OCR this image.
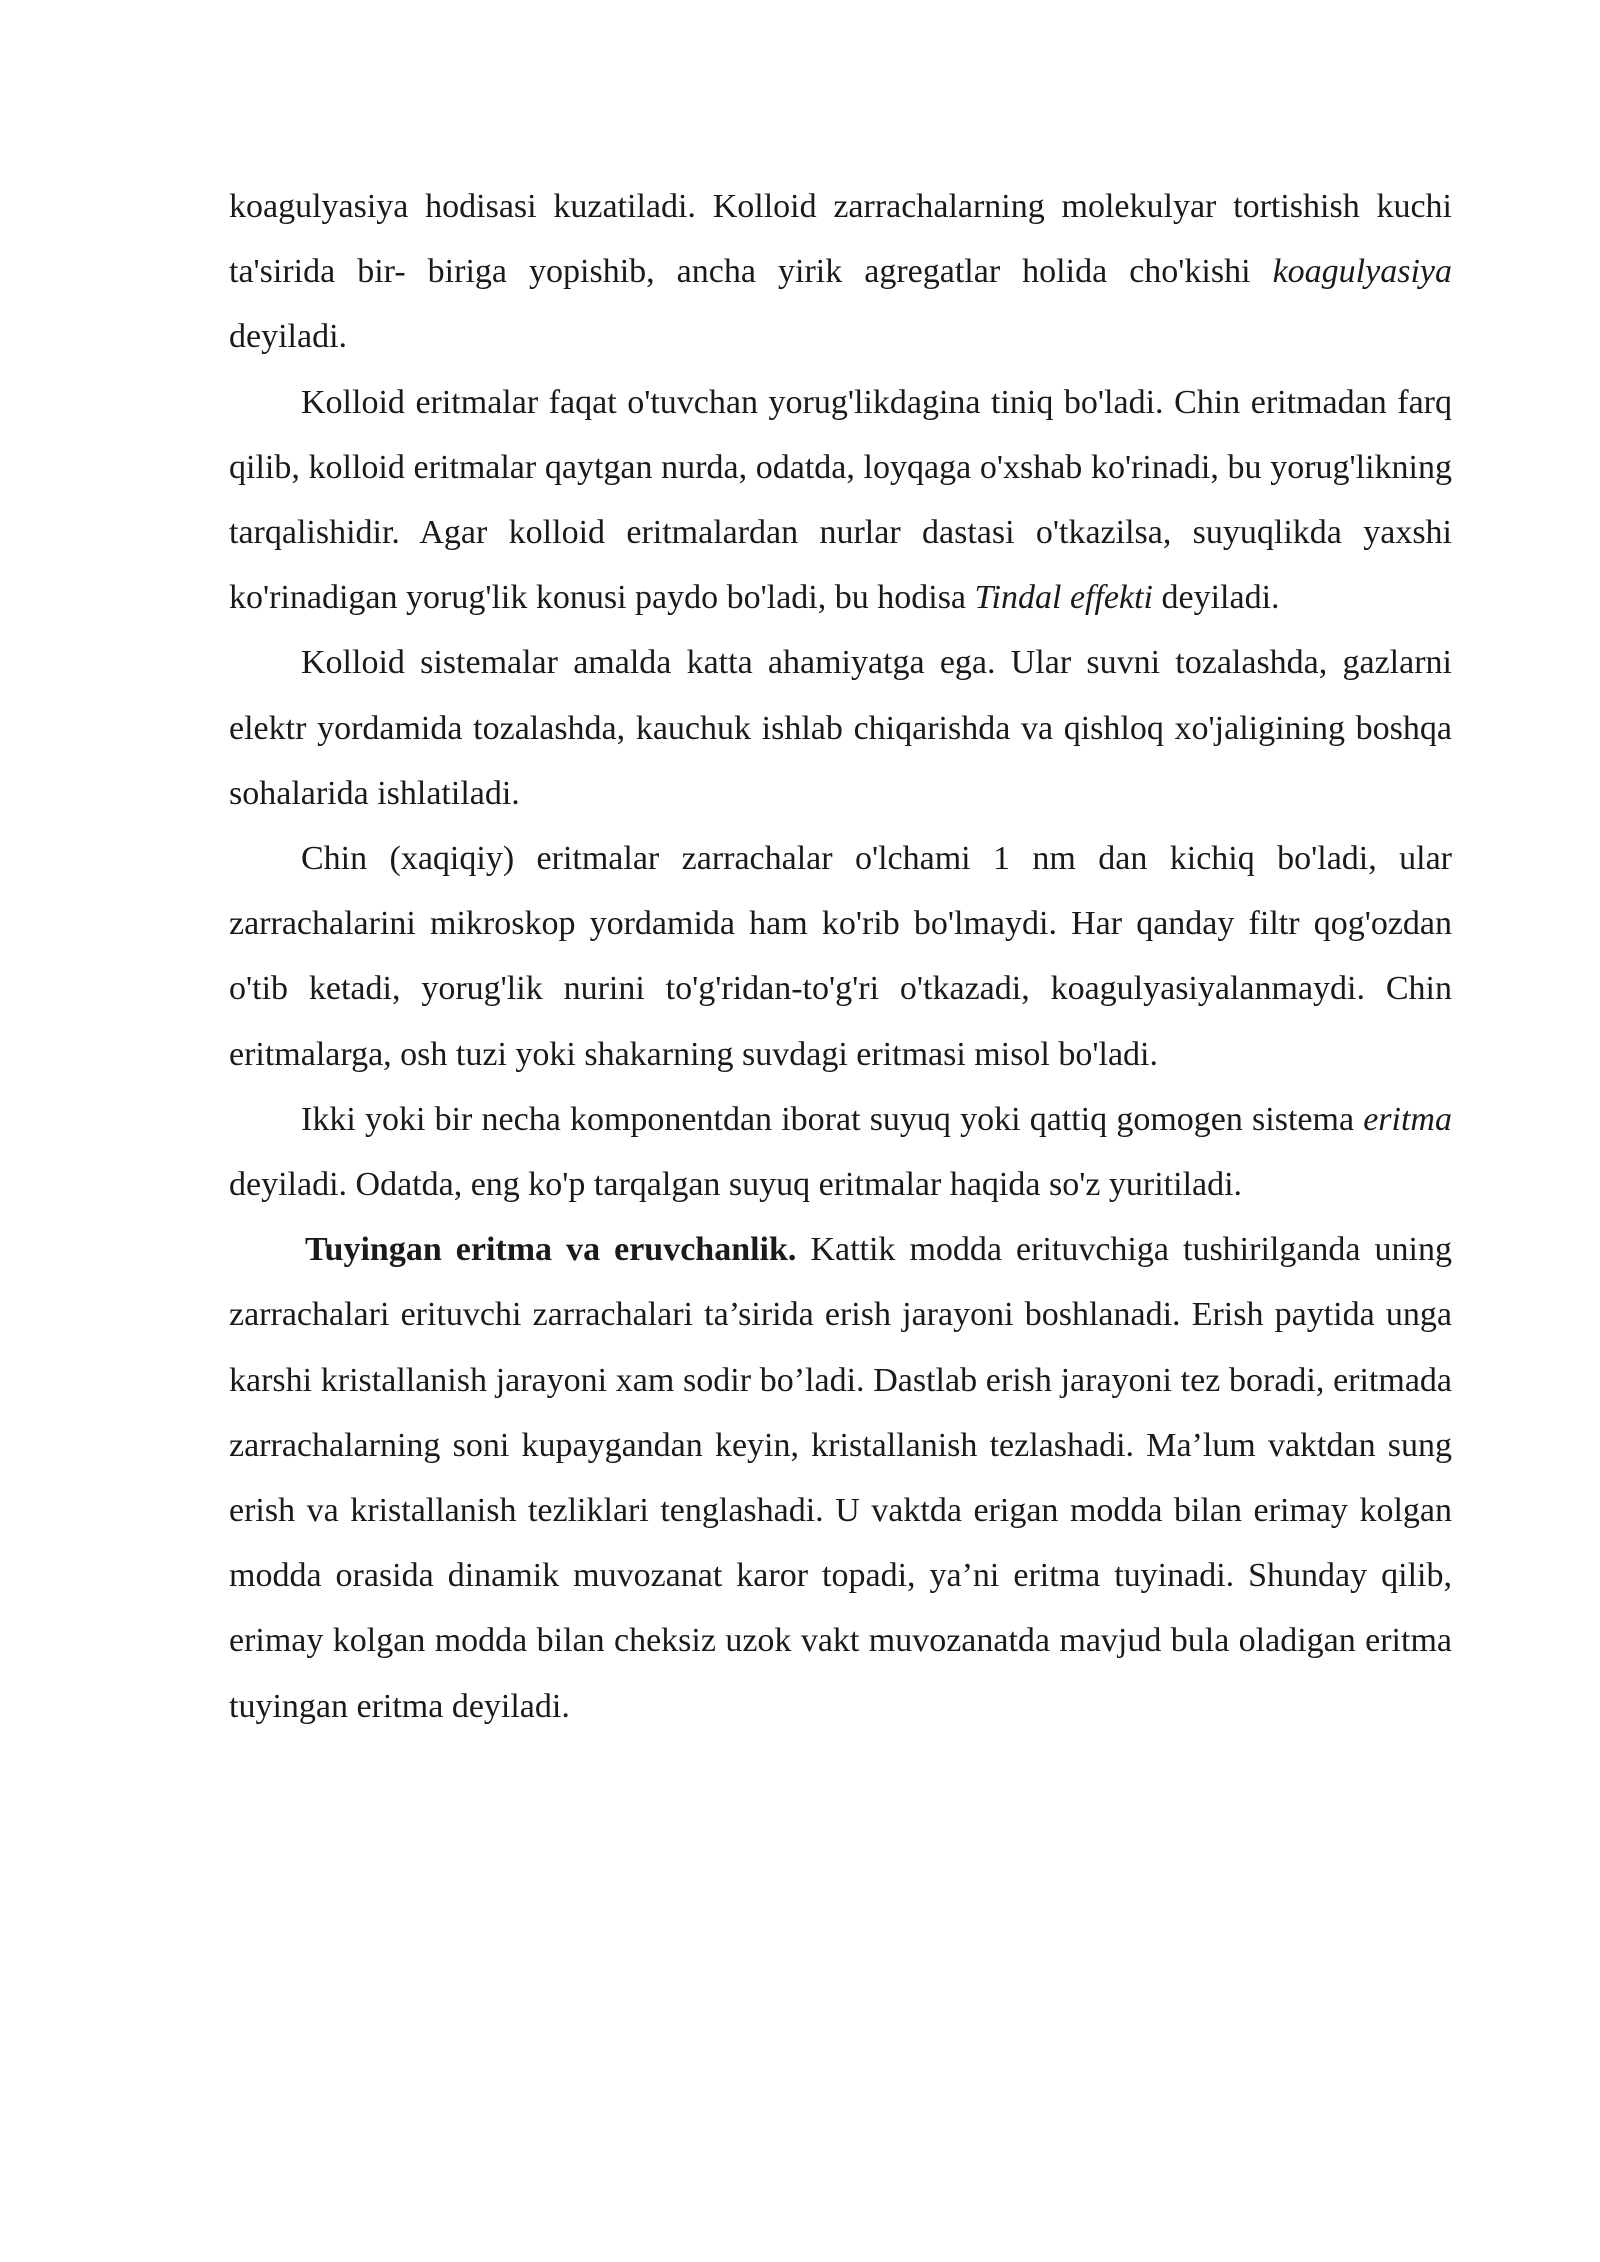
koagulyasiya hodisasi kuzatiladi. Kolloid zarrachalarning molekulyar tortishish kuchi ta'sirida bir- biriga yopishib, ancha yirik agregatlar holida cho'kishi koagulyasiya deyiladi.

Kolloid eritmalar faqat o'tuvchan yorug'likdagina tiniq bo'ladi. Chin eritmadan farq qilib, kolloid eritmalar qaytgan nurda, odatda, loyqaga o'xshab ko'rinadi, bu yorug'likning tarqalishidir. Agar kolloid eritmalardan nurlar dastasi o'tkazilsa, suyuqlikda yaxshi ko'rinadigan yorug'lik konusi paydo bo'ladi, bu hodisa Tindal effekti deyiladi.

Kolloid sistemalar amalda katta ahamiyatga ega. Ular suvni tozalashda, gazlarni elektr yordamida tozalashda, kauchuk ishlab chiqarishda va qishloq xo'jaligining boshqa sohalarida ishlatiladi.

Chin (xaqiqiy) eritmalar zarrachalar o'lchami 1 nm dan kichiq bo'ladi, ular zarrachalarini mikroskop yordamida ham ko'rib bo'lmaydi. Har qanday filtr qog'ozdan o'tib ketadi, yorug'lik nurini to'g'ridan-to'g'ri o'tkazadi, koagulyasiyalanmaydi. Chin eritmalarga, osh tuzi yoki shakarning suvdagi eritmasi misol bo'ladi.

Ikki yoki bir necha komponentdan iborat suyuq yoki qattiq gomogen sistema eritma deyiladi. Odatda, eng ko'p tarqalgan suyuq eritmalar haqida so'z yuritiladi.

Tuyingan eritma va eruvchanlik. Kattik modda erituvchiga tushirilganda uning zarrachalari erituvchi zarrachalari ta’sirida erish jarayoni boshlanadi. Erish paytida unga karshi kristallanish jarayoni xam sodir bo’ladi. Dastlab erish jarayoni tez boradi, eritmada zarrachalarning soni kupaygandan keyin, kristallanish tezlashadi. Ma’lum vaktdan sung erish va kristallanish tezliklari tenglashadi. U vaktda erigan modda bilan erimay kolgan modda orasida dinamik muvozanat karor topadi, ya’ni eritma tuyinadi. Shunday qilib, erimay kolgan modda bilan cheksiz uzok vakt muvozanatda mavjud bula oladigan eritma tuyingan eritma deyiladi.
